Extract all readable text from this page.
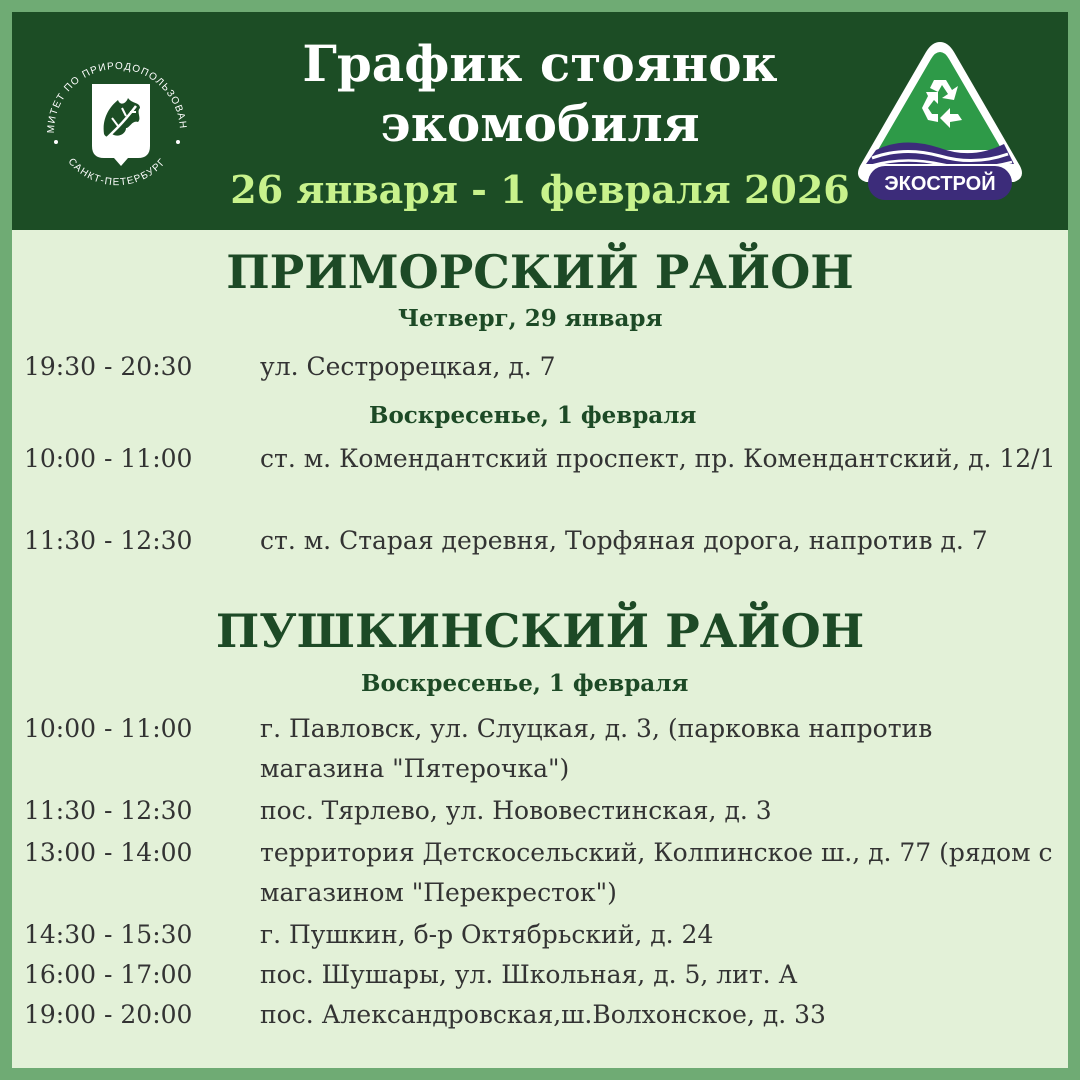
МИТЕТ ПО ПРИРОДОПОЛЬЗОВАН
САНКТ-ПЕТЕРБУРГ
График стоянок
экомобиля
26 января - 1 февраля 2026	ЭКОСТРОЙ
ПРИМОРСКИЙ РАЙОН
Четверг, 29 января
19:30 - 20:30	ул. Сестрорецкая, д. 7
Воскресенье, 1 февраля
10:00 - 11:00	ст. м. Комендантский проспект, пр. Комендантский, д. 12/1
11:30 - 12:30	ст. м. Старая деревня, Торфяная дорога, напротив д. 7
ПУШКИНСКИЙ РАЙОН
Воскресенье, 1 февраля
10:00 - 11:00	г. Павловск, ул. Слуцкая, д. 3, (парковка напротив магазина "Пятерочка")
11:30 - 12:30	пос. Тярлево, ул. Нововестинская, д. 3
13:00 - 14:00	территория Детскосельский, Колпинское ш., д. 77 (рядом с магазином "Перекресток")
14:30 - 15:30	г. Пушкин, б-р Октябрьский, д. 24
16:00 - 17:00	пос. Шушары, ул. Школьная, д. 5, лит. А
19:00 - 20:00	пос. Александровская,ш.Волхонское, д. 33
